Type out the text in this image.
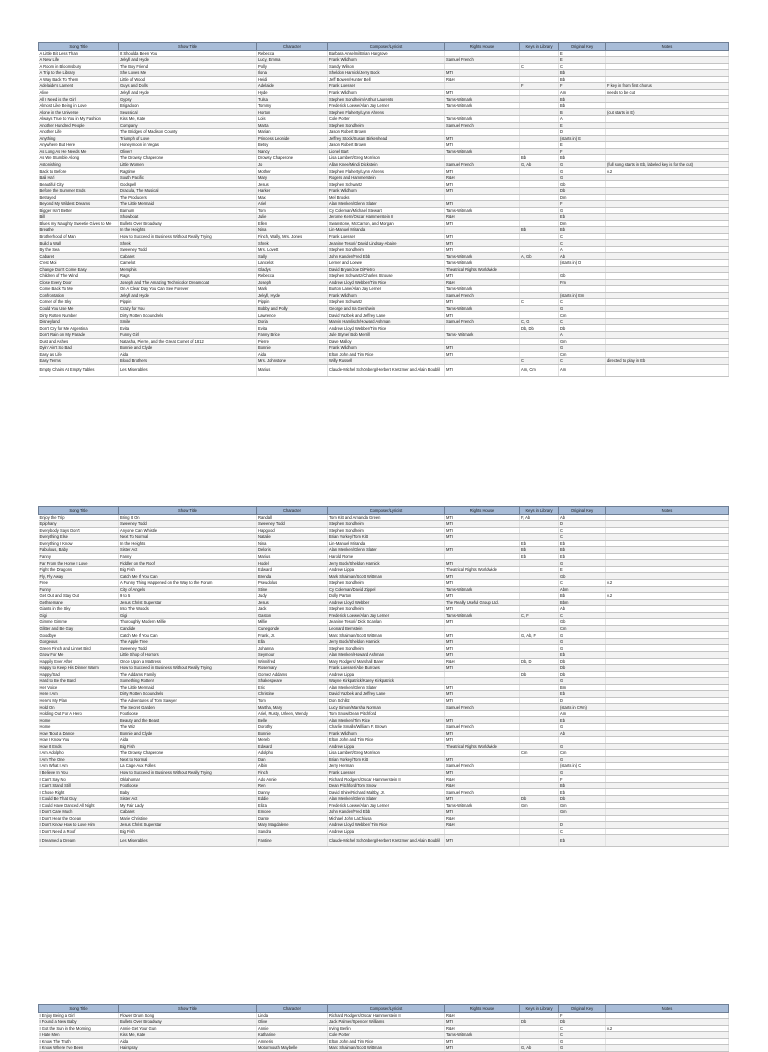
Song Title	Show Title	Character	Composer/Lyricist	Rights House	Keys in Library	Original Key	Notes
A Little Bit Less Than	It Shoulda Been You	Rebecca	Barbara Anselmi/Brian Hargrove			E	
A New Life	Jekyll and Hyde	Lucy, Emma	Frank Wildhorn	Samuel French		E	
A Room in Bloomsbury	The Boy Friend	Polly	Sandy Wilson		C	C	
A Trip to the Library	She Loves Me	Ilona	Sheldon Harnick/Jerry Bock	MTI		Bb	
A Way Back To Them	Little of Wood	Heidi	Jeff Bowen/Hunter Bell	R&H		Bb	
Adelaide's Lament	Guys and Dolls	Adelaide	Frank Loesser		F	F	F key in from first chorus
Alive	Jekyll and Hyde	Hyde	Frank Wildhorn	MTI		Am	needs to be cut
All I Need is the Girl	Gypsy	Tulsa	Stephen Sondheim/Arthur Laurents	Tams-Witmark		Bb	
Almost Like Being in Love	Brigadoon	Tommy	Frederick Loewe/Alan Jay Lerner	Tams-Witmark		Bb	
Alone in the Universe	Seussical	Horton	Stephen Flaherty/Lynn Ahrens			B	(cut starts in E)
Always True to You in My Fashion	Kiss Me, Kate	Lois	Cole Porter	Tams-Witmark		A	
Another Hundred People	Company	Marta	Stephen Sondheim	Samuel French		E	
Another Life	The Bridges of Madison County	Marian	Jason Robert Brown			D	
Anything	Triumph of Love	Princess Leonide	Jeffrey Stock/Susan Birkenhead	MTI		(starts in) E	
Anywhere But Here	Honeymoon in Vegas	Betsy	Jason Robert Brown	MTI		E	
As Long As He Needs Me	Oliver!	Nancy	Lionel Bart	Tams-Witmark		F	
As We Stumble Along	The Drowsy Chaperone	Drowsy Chaperone	Lisa Lambert/Greg Morrison		Bb	Bb	
Astonishing	Little Women	Jo	Allan Knee/Mindi Dickstein	Samuel French	G, Ab	G	(full song starts in Eb, labeled key is for the cut)
Back to Before	Ragtime	Mother	Stephen Flaherty/Lynn Ahrens	MTI		G	v.2
Bali Ha'i	South Pacific	Mary	Rogers and Hammerstein	R&H		G	
Beautiful City	Godspell	Jesus	Stephen Schwartz	MTI		Gb	
Before the Summer Ends	Dracula, The Musical	Harker	Frank Wildhorn	MTI		Db	
Betrayed	The Producers	Max	Mel Brooks			Dm	
Beyond My Wildest Dreams	The Little Mermaid	Ariel	Alan Menken/Glenn Slater	MTI		F	
Bigger Isn't Better	Barnum	Tom	Cy Coleman/Michael Stewart	Tams-Witmark		G	
Bill	Showboat	Julie	Jerome Kern/Oscar Hammerstein II	R&H		Eb	
Blues my Naughty Sweetie Gives to Me	Bullets Over Broadway	Ellen	Swanstone, McCarron, and Morgan	MTI		Dm	
Breathe	In the Heights	Nina	Lin-Manuel Miranda		Bb	Bb	
Brotherhood of Man	How to Succeed in Business Without Really Trying	Finch, Wally, Mrs. Jones	Frank Loesser	MTI		C	
Build a Wall	Shrek	Shrek	Jeanine Tesori/ David Lindsay-Abaire	MTI		C	
By the Sea	Sweeney Todd	Mrs. Lovett	Stephen Sondheim	MTI		A	
Cabaret	Cabaret	Sally	John Kander/Fred Ebb	Tams-Witmark	A, Gb	Ab	
C'est Moi	Camelot	Lancelot	Lerner and Loewe	Tams-Witmark		(starts in) D	
Change Don't Come Easy	Memphis	Gladys	David Bryan/Joe DiPietro	Theatrical Rights Worldwide			
Children of The Wind	Rags	Rebecca	Stephen Schwartz/Charles Strouse	MTI		Gb	
Close Every Door	Joseph and The Amazing Technicolor Dreamcoat	Joseph	Andrew Lloyd Webber/Tim Rice	R&H		Fm	
Come Back To Me	On A Clear Day You Can See Forever	Mark	Burton Lane/Alan Jay Lerner	Tams-Witmark			
Confrontation	Jekyll and Hyde	Jekyll, Hyde	Frank Wildhorn	Samuel French		(starts in) Em	
Corner of the Sky	Pippin	Pippin	Stephen Schwartz	MTI	C	C	
Could You Use Me	Crazy for You	Bobby and Polly	George and Ira Gershwin	Tams-Witmark		G	
Dirty Rotten Number	Dirty Rotten Scoundrels	Lawrence	David Yazbek and Jeffrey Lane	MTI		Cm	
Disneyland	Smile	Doria	Marvin Hamlisch/Howard Ashman	Samuel French	C, G	C	
Don't Cry for Me Argentina	Evita	Evita	Andrew Lloyd Webber/Tim Rice		Db, Db	Db	
Don't Rain on My Parade	Funny Girl	Fanny Brice	Jule Styne/ Bob Merrill	Tams- Witmark		A	
Dust and Ashes	Natasha, Pierre, and the Great Comet of 1812	Pierre	Dave Malloy			Gm	
Dyin' Ain't So Bad	Bonnie and Clyde	Bonnie	Frank Wildhorn	MTI		G	
Easy as Life	Aida	Aida	Elton John and Tim Rice	MTI		Cm	
Easy Terms	Blood Brothers	Mrs. Johnstone	Willy Russell		C	C	directed to play in Eb
Empty Chairs At Empty Tables	Les Miserables	Marius	Claude-Michel Schönberg/Herbert Kretzmer and Alain Boublil	MTI	Am, Cm	Am	
Song Title	Show Title	Character	Composer/Lyricist	Rights House	Keys in Library	Original Key	Notes
Enjoy the Trip	Bring It On	Randall	Tom Kitt and Amanda Green	MTI	F, Ab	Ab	
Epiphany	Sweeney Todd	Sweeney Todd	Stephen Sondheim	MTI		D	
Everybody Says Don't	Anyone Can Whistle	Hapgood	Stephen Sondheim	MTI		C	
Everything Else	Next To Normal	Natalie	Brian Yorkey/Tom Kitt	MTI		C	
Everything I Know	In the Heights	Nina	Lin-Manuel Miranda		Eb	Eb	
Fabulous, Baby	Sister Act	Deloris	Alan Menken/Glenn Slater	MTI	Bb	Bb	
Fanny	Fanny	Marius	Harold Rome		Eb	Eb	
Far From the Home I Love	Fiddler on the Roof	Hodel	Jerry Bock/Sheldon Harnick	MTI		G	
Fight the Dragons	Big Fish	Edward	Andrew Lippa	Theatrical Rights Worldwide		E	
Fly, Fly Away	Catch Me If You Can	Brenda	Mark Shaiman/Scott Wittman	MTI		Gb	
Free	A Funny Thing Happened on the Way to the Forum	Pseudolus	Stephen Sondheim	MTI		C	v.2
Funny	City of Angels	Stine	Cy Coleman/David Zippel	Tams-Witmark		Abm	
Get Out and Stay Out	9 to 5	Judy	Dolly Parton	MTI		Bb	v.2
Gethsemane	Jesus Christ Superstar	Jesus	Andrew Lloyd Webber	The Really Useful Group Ltd.		Bbm	
Giants in the Sky	Into The Woods	Jack	Stephen Sondheim	MTI		Ab	
Gigi	Gigi	Gaston	Frederick Loewe/Alan Jay Lerner	Tams-Witmark	C, F	C	
Gimme Gimme	Thoroughly Modern Millie	Millie	Jeanine Tesori/ Dick Scanlan	MTI		Gb	
Glitter and Be Gay	Candide	Cunegonde	Leonard Bernstein			Cm	
Goodbye	Catch Me If You Can	Frank, Jr.	Marc Shaiman/Scott Wittman	MTI	G, Ab, F	G	
Gorgeous	The Apple Tree	Ella	Jerry Bock/Sheldon Harnick	MTI		G	
Green Finch and Linnet Bird	Sweeney Todd	Johanna	Stephen Sondheim	MTI		G	
Grow For Me	Little Shop of Horrors	Seymour	Alan Menken/Howard Ashman	MTI		Eb	
Happily Ever After	Once Upon a Mattress	Winnifred	Mary Rodgers/ Marshall Barer	R&H	Db, D	Db	
Happy to Keep His Dinner Warm	How to Succeed in Business Without Really Trying	Rosemary	Frank Loesser/Abe Burrows	MTI		Db	
Happy/Sad	The Addams Family	Gomez Addams	Andrew Lippa		Db	Db	
Hard to Be the Bard	Something Rotten!	Shakespeare	Wayne Kirkpatrick/Karey Kirkpatrick			G	
Her Voice	The Little Mermaid	Eric	Alan Menken/Glenn Slater	MTI		Bm	
Here I Am	Dirty Rotten Scoundrels	Christine	David Yazbek and Jeffrey Lane	MTI		Eb	
Here's My Plan	The Adventures of Tom Sawyer	Tom	Don Schlitz	MTI		D	
Hold On	The Secret Garden	Martha, Mary	Lucy Simon/Marsha Norman	Samuel French		(starts in C#m)	
Holding Out For A Hero	Footloose	Ariel, Rusty, Urleen, Wendy	Tom Snow/Dean Pitchford			Am	
Home	Beauty and the Beast	Belle	Alan Menken/Tim Rice	MTI		Eb	
Home	The Wiz	Dorothy	Charlie Smalls/William F. Brown	Samuel French		G	
How 'Bout a Dance	Bonnie and Clyde	Bonnie	Frank Wildhorn	MTI		Ab	
How I Know You	Aida	Mereb	Elton John and Tim Rice	MTI			
How It Ends	Big Fish	Edward	Andrew Lippa	Theatrical Rights Worldwide		G	
I Am Adolpho	The Drowsy Chaperone	Adolpho	Lisa Lambert/Greg Morrison		Cm	Cm	
I Am The One	Next to Normal	Dan	Brian Yorkey/Tom Kitt	MTI		G	
I Am What I Am	La Cage Aux Folles	Albin	Jerry Herman	Samuel French		(starts in) C	
I Believe In You	How to Succeed in Business Without Really Trying	Finch	Frank Loesser	MTI		G	
I Can't Say No	Oklahoma!	Ado Annie	Richard Rodgers/Oscar Hammerstein II	R&H		F	
I Can't Stand Still	Footloose	Ren	Dean Pitchford/Tom Snow	R&H		Bb	
I Chose Right	Baby	Danny	David Shire/Richard Maltby, Jr.	Samuel French		Eb	
I Could Be That Guy	Sister Act	Eddie	Alan Menken/Glenn Slater	MTI	Db	Db	
I Could Have Danced All Night	My Fair Lady	Eliza	Frederick Loewe/Alan Jay Lerner	Tams-Witmark	Gm	Gm	
I Don't Care Much	Cabaret	Emcee	John Kander/Fred Ebb	MTI		Gm	
I Don't Hear the Ocean	Marie Christine	Dante	Michael John LaChiusa	R&H			
I Don't Know How to Love Him	Jesus Christ Superstar	Mary Magdalene	Andrew Lloyd Webber/ Tim Rice	R&H		D	
I Don't Need a Roof	Big Fish	Sandra	Andrew Lippa			C	
I Dreamed a Dream	Les Miserables	Fantine	Claude-Michel Schönberg/Herbert Kretzmer and Alain Boublil	MTI		Eb	
Song Title	Show Title	Character	Composer/Lyricist	Rights House	Keys in Library	Original Key	Notes
I Enjoy Being a Girl	Flower Drum Song	Linda	Richard Rodgers/Oscar Hammerstein II	R&H		F	
I Found a New Baby	Bullets Over Broadway	Olive	Jack Palmer/Spencer Williams	MTI	Db	Db	
I Got the Sun in the Morning	Annie Get Your Gun	Annie	Irving Berlin	R&H		C	v.2
I Hate Men	Kiss Me, Kate	Katharine	Cole Porter	Tams-Witmark		C	
I Know The Truth	Aida	Amneris	Elton John and Tim Rice	MTI		G	
I Know Where I've Been	Hairspray	Motormouth Maybelle	Marc Shaiman/Scott Wittman	MTI	G, Ab	G	
